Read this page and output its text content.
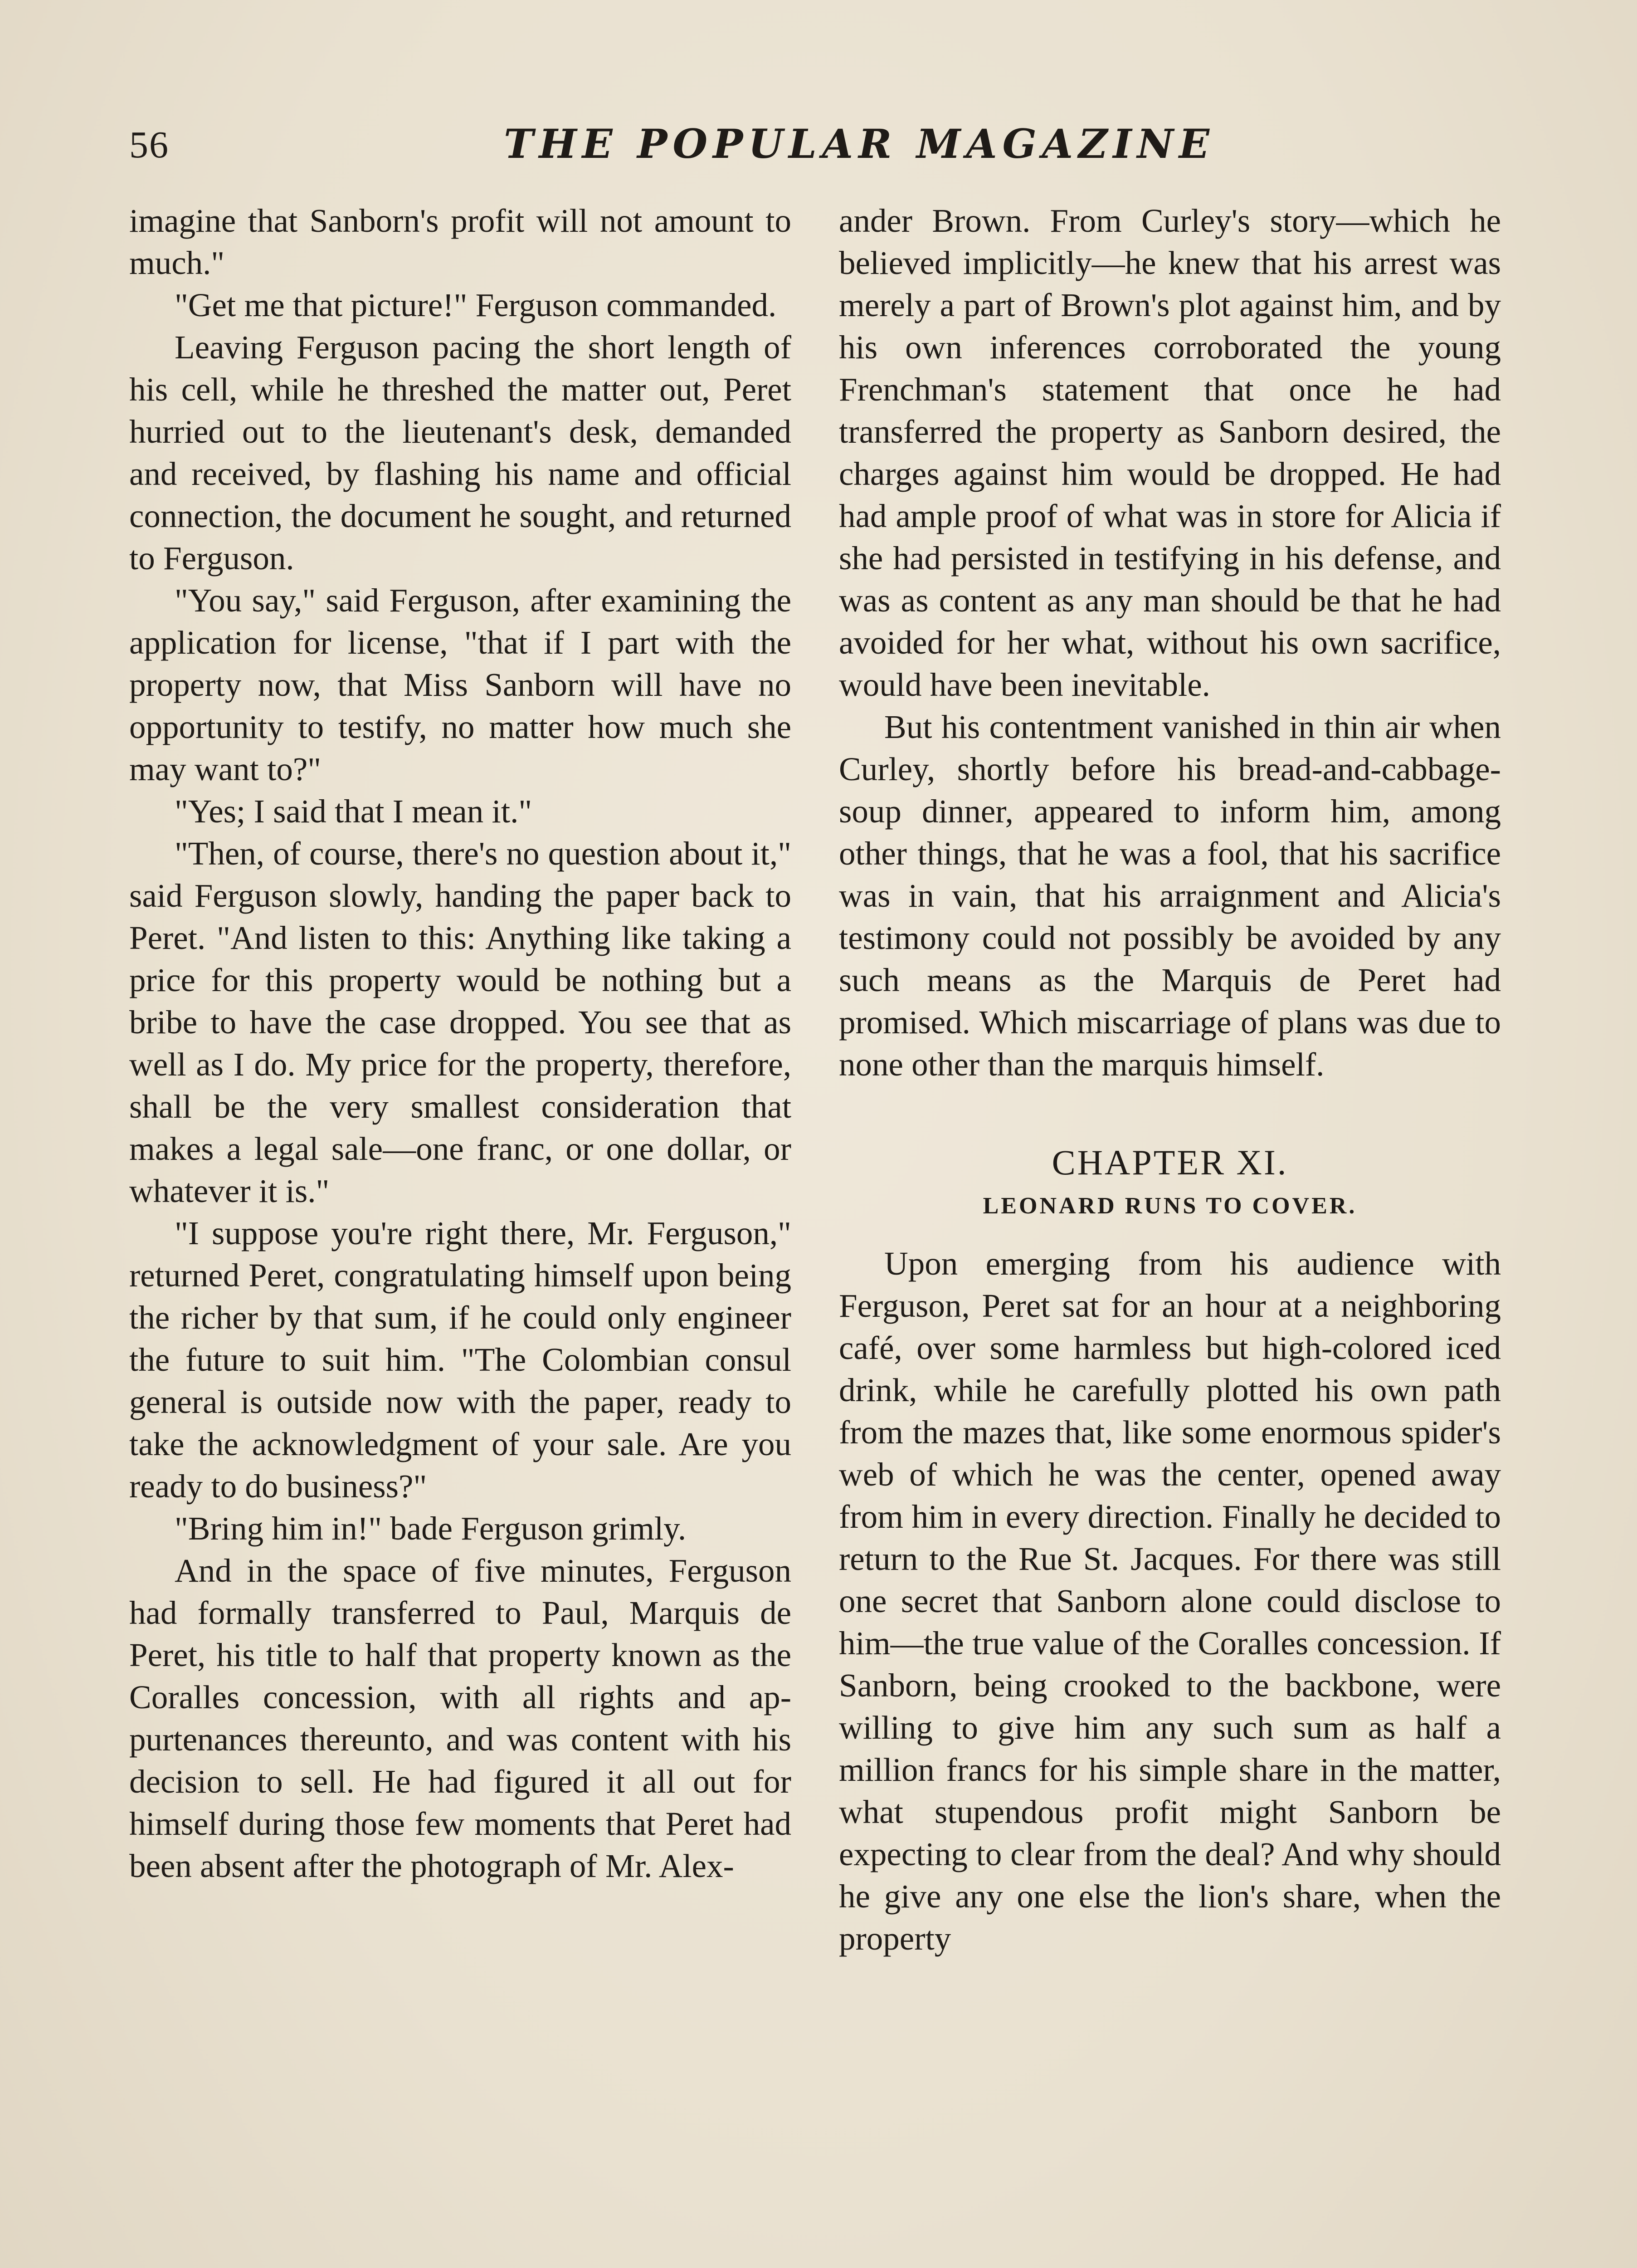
56	THE POPULAR MAGAZINE

imagine that Sanborn's profit will not amount to much."

"Get me that picture!" Ferguson commanded.

Leaving Ferguson pacing the short length of his cell, while he threshed the matter out, Peret hurried out to the lieutenant's desk, demanded and received, by flashing his name and official connection, the document he sought, and returned to Ferguson.

"You say," said Ferguson, after examining the application for license, "that if I part with the property now, that Miss Sanborn will have no opportunity to testify, no matter how much she may want to?"

"Yes; I said that I mean it."

"Then, of course, there's no question about it," said Ferguson slowly, handing the paper back to Peret. "And listen to this: Anything like taking a price for this property would be nothing but a bribe to have the case dropped. You see that as well as I do. My price for the property, therefore, shall be the very smallest consideration that makes a legal sale—one franc, or one dollar, or whatever it is."

"I suppose you're right there, Mr. Ferguson," returned Peret, congratulating himself upon being the richer by that sum, if he could only engineer the future to suit him. "The Colombian consul general is outside now with the paper, ready to take the acknowledgment of your sale. Are you ready to do business?"

"Bring him in!" bade Ferguson grimly.

And in the space of five minutes, Ferguson had formally transferred to Paul, Marquis de Peret, his title to half that property known as the Coralles concession, with all rights and appurtenances thereunto, and was content with his decision to sell. He had figured it all out for himself during those few moments that Peret had been absent after the photograph of Mr. Alex-

ander Brown. From Curley's story—which he believed implicitly—he knew that his arrest was merely a part of Brown's plot against him, and by his own inferences corroborated the young Frenchman's statement that once he had transferred the property as Sanborn desired, the charges against him would be dropped. He had had ample proof of what was in store for Alicia if she had persisted in testifying in his defense, and was as content as any man should be that he had avoided for her what, without his own sacrifice, would have been inevitable.

But his contentment vanished in thin air when Curley, shortly before his bread-and-cabbage-soup dinner, appeared to inform him, among other things, that he was a fool, that his sacrifice was in vain, that his arraignment and Alicia's testimony could not possibly be avoided by any such means as the Marquis de Peret had promised. Which miscarriage of plans was due to none other than the marquis himself.

CHAPTER XI.
LEONARD RUNS TO COVER.

Upon emerging from his audience with Ferguson, Peret sat for an hour at a neighboring café, over some harmless but high-colored iced drink, while he carefully plotted his own path from the mazes that, like some enormous spider's web of which he was the center, opened away from him in every direction. Finally he decided to return to the Rue St. Jacques. For there was still one secret that Sanborn alone could disclose to him—the true value of the Coralles concession. If Sanborn, being crooked to the backbone, were willing to give him any such sum as half a million francs for his simple share in the matter, what stupendous profit might Sanborn be expecting to clear from the deal? And why should he give any one else the lion's share, when the property
